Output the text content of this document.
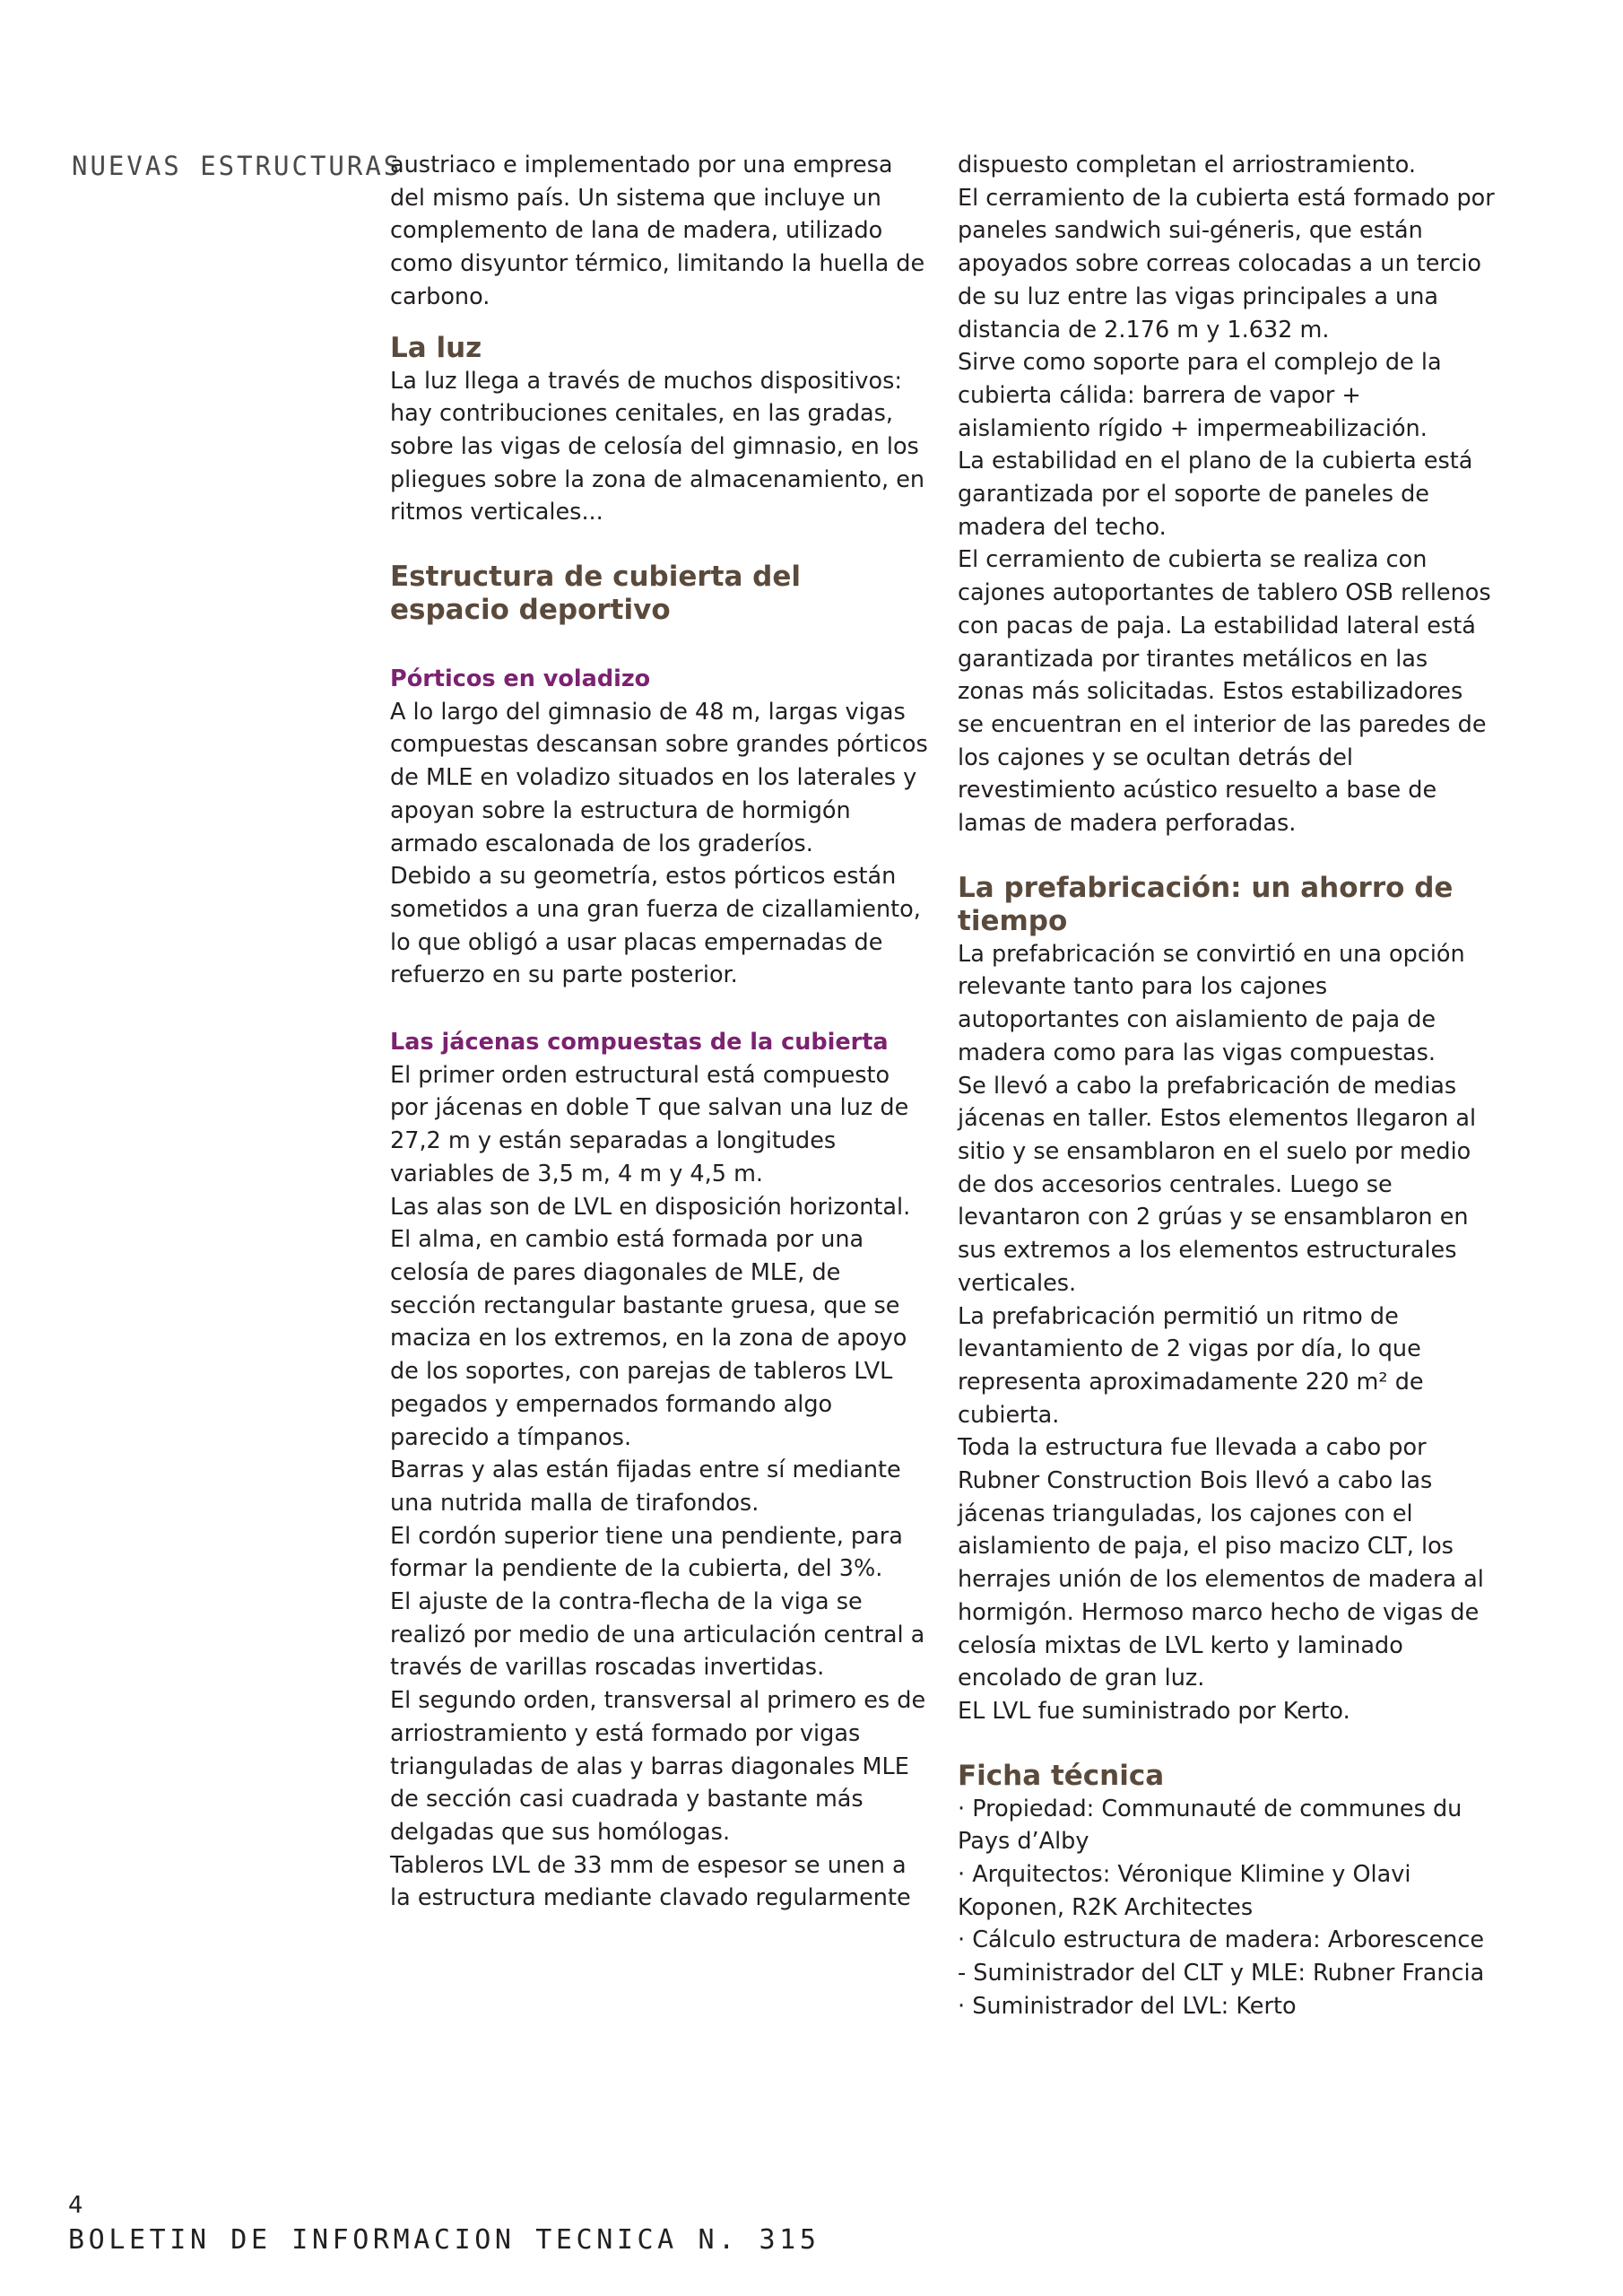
NUEVAS ESTRUCTURAS

austriaco e implementado por una empresa del mismo país. Un sistema que incluye un complemento de lana de madera, utilizado como disyuntor térmico, limitando la huella de carbono.

La luz

La luz llega a través de muchos dispositivos: hay contribuciones cenitales, en las gradas, sobre las vigas de celosía del gimnasio, en los pliegues sobre la zona de almacenamiento, en ritmos verticales...

Estructura de cubierta del espacio deportivo
Pórticos en voladizo

A lo largo del gimnasio de 48 m, largas vigas compuestas descansan sobre grandes pórticos de MLE en voladizo situados en los laterales y apoyan sobre la estructura de hormigón armado escalonada de los graderíos.

Debido a su geometría, estos pórticos están sometidos a una gran fuerza de cizallamiento, lo que obligó a usar placas empernadas de refuerzo en su parte posterior.

Las jácenas compuestas de la cubierta

El primer orden estructural está compuesto por jácenas en doble T que salvan una luz de 27,2 m y están separadas a longitudes variables de 3,5 m, 4 m y 4,5 m.

Las alas son de LVL en disposición horizontal. El alma, en cambio está formada por una celosía de pares diagonales de MLE, de sección rectangular bastante gruesa, que se maciza en los extremos, en la zona de apoyo de los soportes, con parejas de tableros LVL pegados y empernados formando algo parecido a tímpanos.

Barras y alas están fijadas entre sí mediante una nutrida malla de tirafondos.

El cordón superior tiene una pendiente, para formar la pendiente de la cubierta, del 3%.

El ajuste de la contra-flecha de la viga se realizó por medio de una articulación central a través de varillas roscadas invertidas.

El segundo orden, transversal al primero es de arriostramiento y está formado por vigas trianguladas de alas y barras diagonales MLE de sección casi cuadrada y bastante más delgadas que sus homólogas.

Tableros LVL de 33 mm de espesor se unen a la estructura mediante clavado regularmente

dispuesto completan el arriostramiento.

El cerramiento de la cubierta está formado por paneles sandwich sui-géneris, que están apoyados sobre correas colocadas a un tercio de su luz entre las vigas principales a una distancia de 2.176 m y 1.632 m.

Sirve como soporte para el complejo de la cubierta cálida: barrera de vapor + aislamiento rígido + impermeabilización.

La estabilidad en el plano de la cubierta está garantizada por el soporte de paneles de madera del techo.

El cerramiento de cubierta se realiza con cajones autoportantes de tablero OSB rellenos con pacas de paja. La estabilidad lateral está garantizada por tirantes metálicos en las zonas más solicitadas. Estos estabilizadores se encuentran en el interior de las paredes de los cajones y se ocultan detrás del revestimiento acústico resuelto a base de lamas de madera perforadas.

La prefabricación: un ahorro de tiempo

La prefabricación se convirtió en una opción relevante tanto para los cajones autoportantes con aislamiento de paja de madera como para las vigas compuestas.

Se llevó a cabo la prefabricación de medias jácenas en taller. Estos elementos llegaron al sitio y se ensamblaron en el suelo por medio de dos accesorios centrales. Luego se levantaron con 2 grúas y se ensamblaron en sus extremos a los elementos estructurales verticales.

La prefabricación permitió un ritmo de levantamiento de 2 vigas por día, lo que representa aproximadamente 220 m² de cubierta.

Toda la estructura fue llevada a cabo por Rubner Construction Bois llevó a cabo las jácenas trianguladas, los cajones con el aislamiento de paja, el piso macizo CLT, los herrajes unión de los elementos de madera al hormigón. Hermoso marco hecho de vigas de celosía mixtas de LVL kerto y laminado encolado de gran luz.

EL LVL fue suministrado por Kerto.

Ficha técnica
· Propiedad: Communauté de communes du Pays d’Alby
· Arquitectos: Véronique Klimine y Olavi Koponen, R2K Architectes
· Cálculo estructura de madera: Arborescence
- Suministrador del CLT y MLE: Rubner Francia
· Suministrador del LVL: Kerto
4
BOLETIN DE INFORMACION TECNICA N. 315
